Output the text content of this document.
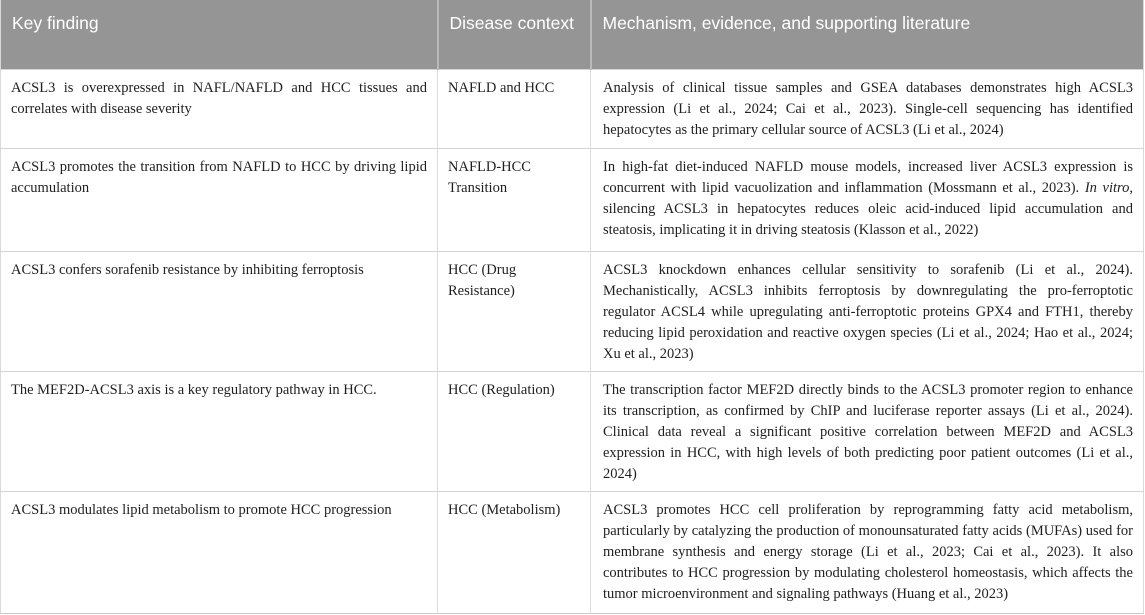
Key finding	Disease context	Mechanism, evidence, and supporting literature
ACSL3 is overexpressed in NAFL/NAFLD and HCC tissues and correlates with disease severity	NAFLD and HCC	Analysis of clinical tissue samples and GSEA databases demonstrates high ACSL3 expression (Li et al., 2024; Cai et al., 2023). Single-cell sequencing has identified hepatocytes as the primary cellular source of ACSL3 (Li et al., 2024)
ACSL3 promotes the transition from NAFLD to HCC by driving lipid accumulation	NAFLD-HCC Transition	In high-fat diet-induced NAFLD mouse models, increased liver ACSL3 expression is concurrent with lipid vacuolization and inflammation (Mossmann et al., 2023). In vitro, silencing ACSL3 in hepatocytes reduces oleic acid-induced lipid accumulation and steatosis, implicating it in driving steatosis (Klasson et al., 2022)
ACSL3 confers sorafenib resistance by inhibiting ferroptosis	HCC (Drug Resistance)	ACSL3 knockdown enhances cellular sensitivity to sorafenib (Li et al., 2024). Mechanistically, ACSL3 inhibits ferroptosis by downregulating the pro-ferroptotic regulator ACSL4 while upregulating anti-ferroptotic proteins GPX4 and FTH1, thereby reducing lipid peroxidation and reactive oxygen species (Li et al., 2024; Hao et al., 2024; Xu et al., 2023)
The MEF2D-ACSL3 axis is a key regulatory pathway in HCC.	HCC (Regulation)	The transcription factor MEF2D directly binds to the ACSL3 promoter region to enhance its transcription, as confirmed by ChIP and luciferase reporter assays (Li et al., 2024). Clinical data reveal a significant positive correlation between MEF2D and ACSL3 expression in HCC, with high levels of both predicting poor patient outcomes (Li et al., 2024)
ACSL3 modulates lipid metabolism to promote HCC progression	HCC (Metabolism)	ACSL3 promotes HCC cell proliferation by reprogramming fatty acid metabolism, particularly by catalyzing the production of monounsaturated fatty acids (MUFAs) used for membrane synthesis and energy storage (Li et al., 2023; Cai et al., 2023). It also contributes to HCC progression by modulating cholesterol homeostasis, which affects the tumor microenvironment and signaling pathways (Huang et al., 2023)
